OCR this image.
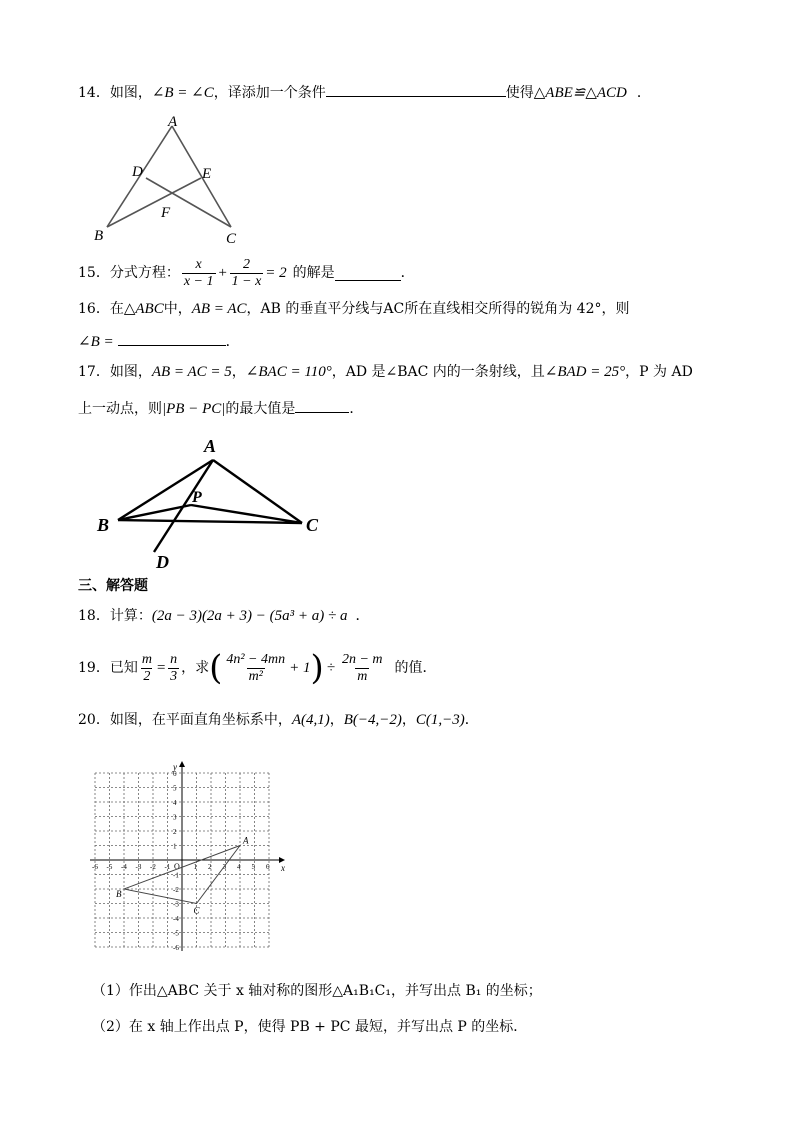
14．如图，∠B = ∠C，译添加一个条件	使得△ABE≌△ACD ．
A
B	C
D	E
F
15． 分式方程： $\frac{x}{x - 1} + \frac{2}{1 - x} = 2$ 的解是	．
16．在△ABC中，AB = AC，AB 的垂直平分线与AC所在直线相交所得的锐角为 42°，则
∠B =	．
17．如图，AB = AC = 5，∠BAC = 110°，AD 是∠BAC 内的一条射线，且∠BAD = 25°，P 为 AD
上一动点，则|PB − PC|的最大值是	．
A
B	C
D
P
三、解答题
18．计算：(2a − 3)(2a + 3) − (5a³ + a) ÷ a ．
19． 已知 $\frac{m}{2} = \frac{n}{3}$ ，求 ( $\frac{\text{4n² − 4mn}}{\text{m²}} + 1$ ) ÷ $\frac{2n - m}{m}$ 的值．
20．如图，在平面直角坐标系中，A(4,1)，B(−4,−2)，C(1,−3)．
x
y
O
-6 -5 -4 -3 -2 -1	1 2 3 4 5 6
-6
-5
-4
-3
-2
-1
1
2
3
4
5
6
A
B
C
（1）作出△ABC 关于 x 轴对称的图形△A₁B₁C₁，并写出点 B₁ 的坐标；
（2）在 x 轴上作出点 P，使得 PB + PC 最短，并写出点 P 的坐标．
